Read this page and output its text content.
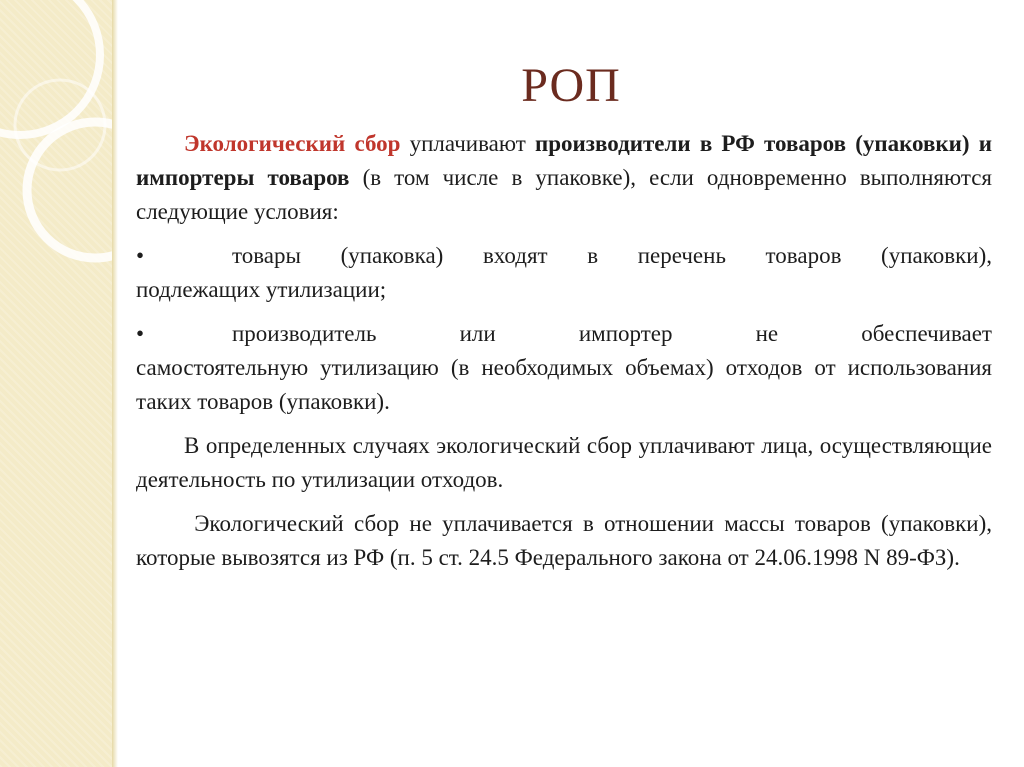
РОП

Экологический сбор уплачивают производители в РФ товаров (упаковки) и импортеры товаров (в том числе в упаковке), если одновременно выполняются следующие условия:

•	товары (упаковка) входят в перечень товаров (упаковки),
подлежащих утилизации;
•	производитель или импортер не обеспечивает
самостоятельную утилизацию (в необходимых объемах) отходов от использования таких товаров (упаковки).

В определенных случаях экологический сбор уплачивают лица, осуществляющие деятельность по утилизации отходов.

Экологический сбор не уплачивается в отношении массы товаров (упаковки), которые вывозятся из РФ (п. 5 ст. 24.5 Федерального закона от 24.06.1998 N 89-ФЗ).
